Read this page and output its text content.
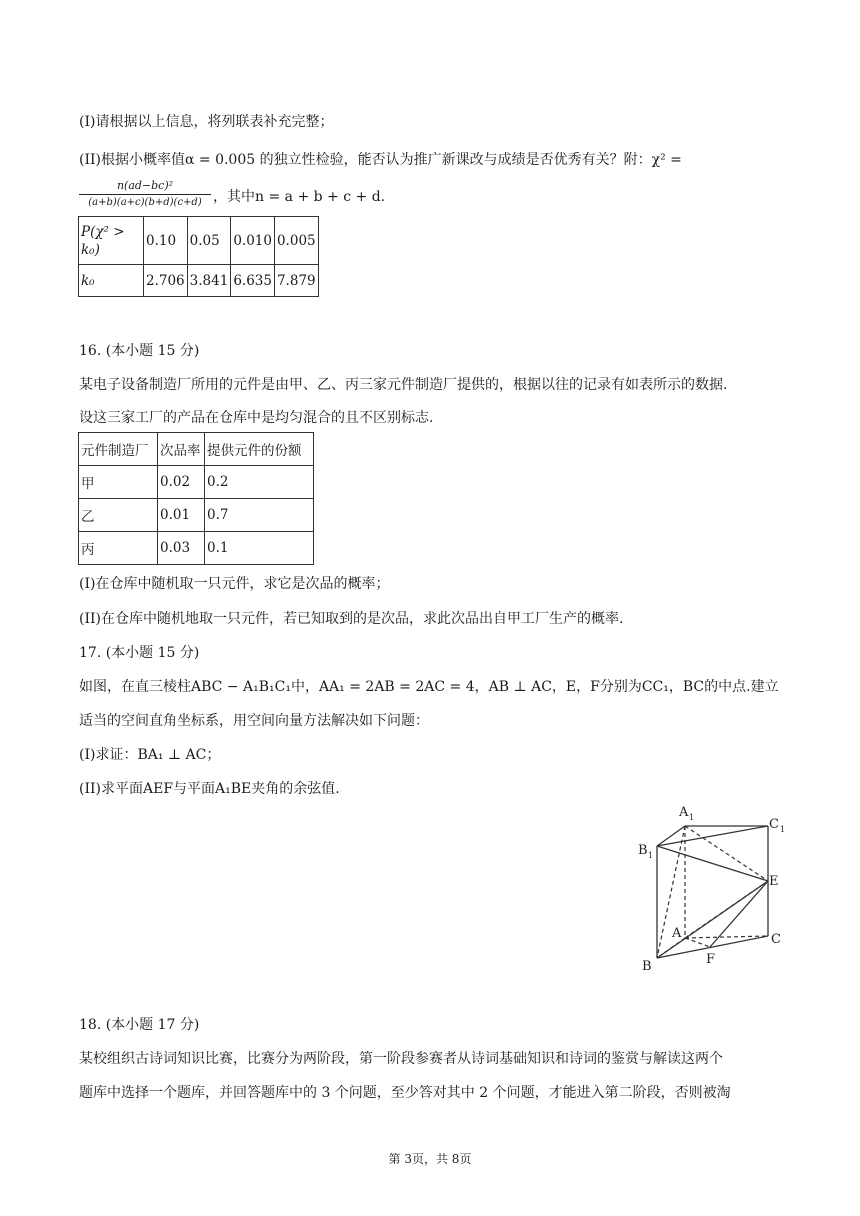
(I)请根据以上信息，将列联表补充完整；
(II)根据小概率值α = 0.005 的独立性检验，能否认为推广新课改与成绩是否优秀有关？附：χ² =
n(ad−bc)²
(a+b)(a+c)(b+d)(c+d) ，其中n = a + b + c + d.
P(χ² > k₀)	0.10	0.05	0.010	0.005
k₀	2.706	3.841	6.635	7.879
16. (本小题 15 分)
某电子设备制造厂所用的元件是由甲、乙、丙三家元件制造厂提供的，根据以往的记录有如表所示的数据.
设这三家工厂的产品在仓库中是均匀混合的且不区别标志.
元件制造厂	次品率	提供元件的份额
甲	0.02	0.2
乙	0.01	0.7
丙	0.03	0.1
(I)在仓库中随机取一只元件，求它是次品的概率；
(II)在仓库中随机地取一只元件，若已知取到的是次品，求此次品出自甲工厂生产的概率.
17. (本小题 15 分)
如图，在直三棱柱ABC − A₁B₁C₁中，AA₁ = 2AB = 2AC = 4，AB ⊥ AC，E，F分别为CC₁，BC的中点.建立
适当的空间直角坐标系，用空间向量方法解决如下问题：
(I)求证：BA₁ ⊥ AC；
(II)求平面AEF与平面A₁BE夹角的余弦值.
A 1	C 1
B 1
E
A	C
B	F
18. (本小题 17 分)
某校组织古诗词知识比赛，比赛分为两阶段，第一阶段参赛者从诗词基础知识和诗词的鉴赏与解读这两个
题库中选择一个题库，并回答题库中的 3 个问题，至少答对其中 2 个问题，才能进入第二阶段，否则被淘
第 3页，共 8页
